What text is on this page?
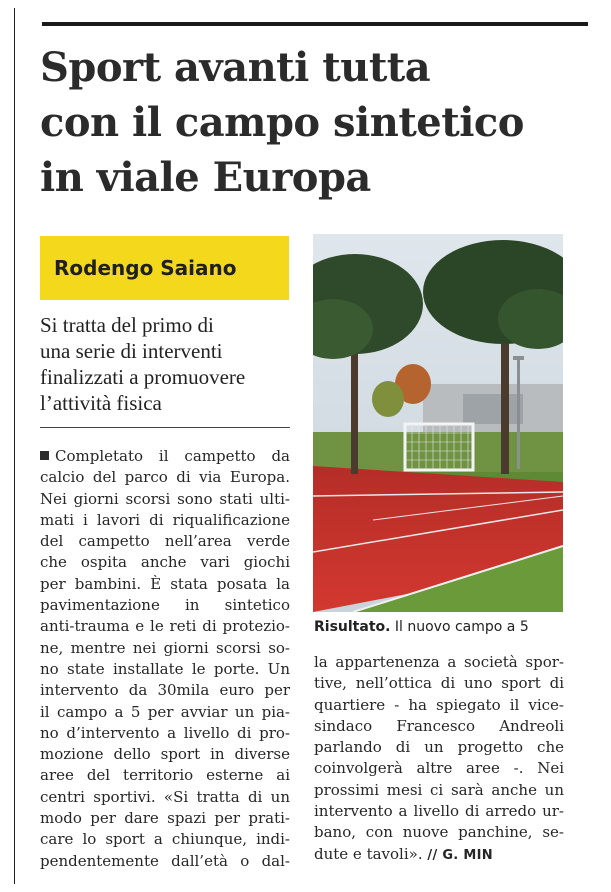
Sport avanti tutta
con il campo sintetico
in viale Europa
Rodengo Saiano

Si tratta del primo di
una serie di interventi
finalizzati a promuovere
l’attività fisica

Completato il campetto da
calcio del parco di via Europa.
Nei giorni scorsi sono stati ulti-
mati i lavori di riqualificazione
del campetto nell’area verde
che ospita anche vari giochi
per bambini. È stata posata la
pavimentazione in sintetico
anti-trauma e le reti di protezio-
ne, mentre nei giorni scorsi so-
no state installate le porte. Un
intervento da 30mila euro per
il campo a 5 per avviar un pia-
no d’intervento a livello di pro-
mozione dello sport in diverse
aree del territorio esterne ai
centri sportivi. «Si tratta di un
modo per dare spazi per prati-
care lo sport a chiunque, indi-
pendentemente dall’età o dal-
Risultato. Il nuovo campo a 5
la appartenenza a società spor-
tive, nell’ottica di uno sport di
quartiere - ha spiegato il vice-
sindaco Francesco Andreoli
parlando di un progetto che
coinvolgerà altre aree -. Nei
prossimi mesi ci sarà anche un
intervento a livello di arredo ur-
bano, con nuove panchine, se-
dute e tavoli». // G. MIN
